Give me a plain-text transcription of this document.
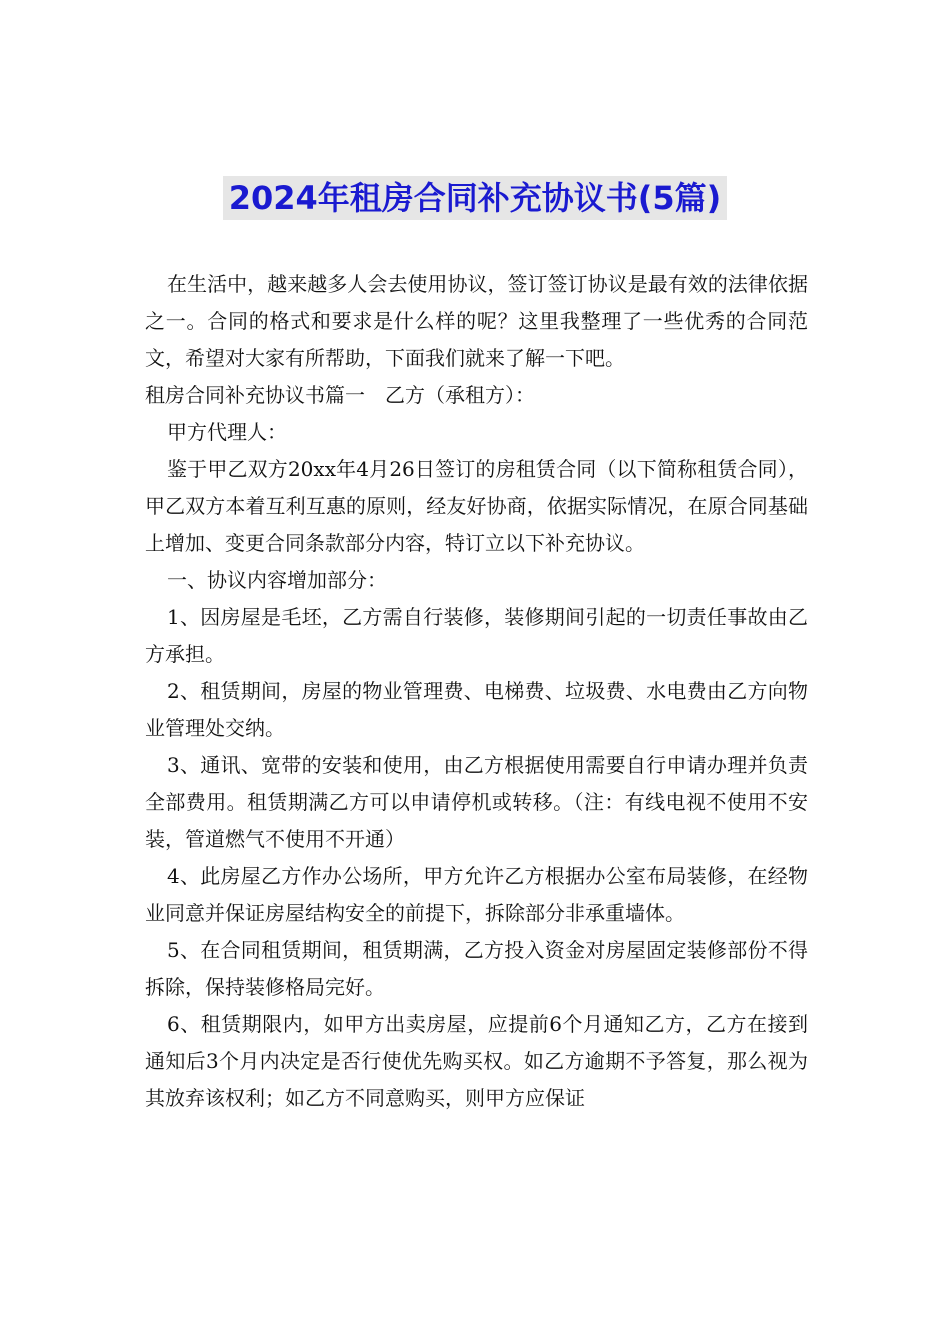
2024年租房合同补充协议书(5篇)

在生活中，越来越多人会去使用协议，签订签订协议是最有效的法律依据之一。合同的格式和要求是什么样的呢？这里我整理了一些优秀的合同范文，希望对大家有所帮助，下面我们就来了解一下吧。

租房合同补充协议书篇一　乙方（承租方）：

甲方代理人：

鉴于甲乙双方20xx年4月26日签订的房租赁合同（以下简称租赁合同），甲乙双方本着互利互惠的原则，经友好协商，依据实际情况，在原合同基础上增加、变更合同条款部分内容，特订立以下补充协议。

一、协议内容增加部分：

1、因房屋是毛坯，乙方需自行装修，装修期间引起的一切责任事故由乙方承担。

2、租赁期间，房屋的物业管理费、电梯费、垃圾费、水电费由乙方向物业管理处交纳。

3、通讯、宽带的安装和使用，由乙方根据使用需要自行申请办理并负责全部费用。租赁期满乙方可以申请停机或转移。（注：有线电视不使用不安装，管道燃气不使用不开通）

4、此房屋乙方作办公场所，甲方允许乙方根据办公室布局装修，在经物业同意并保证房屋结构安全的前提下，拆除部分非承重墙体。

5、在合同租赁期间，租赁期满，乙方投入资金对房屋固定装修部份不得拆除，保持装修格局完好。

6、租赁期限内，如甲方出卖房屋，应提前6个月通知乙方，乙方在接到通知后3个月内决定是否行使优先购买权。如乙方逾期不予答复，那么视为其放弃该权利；如乙方不同意购买，则甲方应保证
